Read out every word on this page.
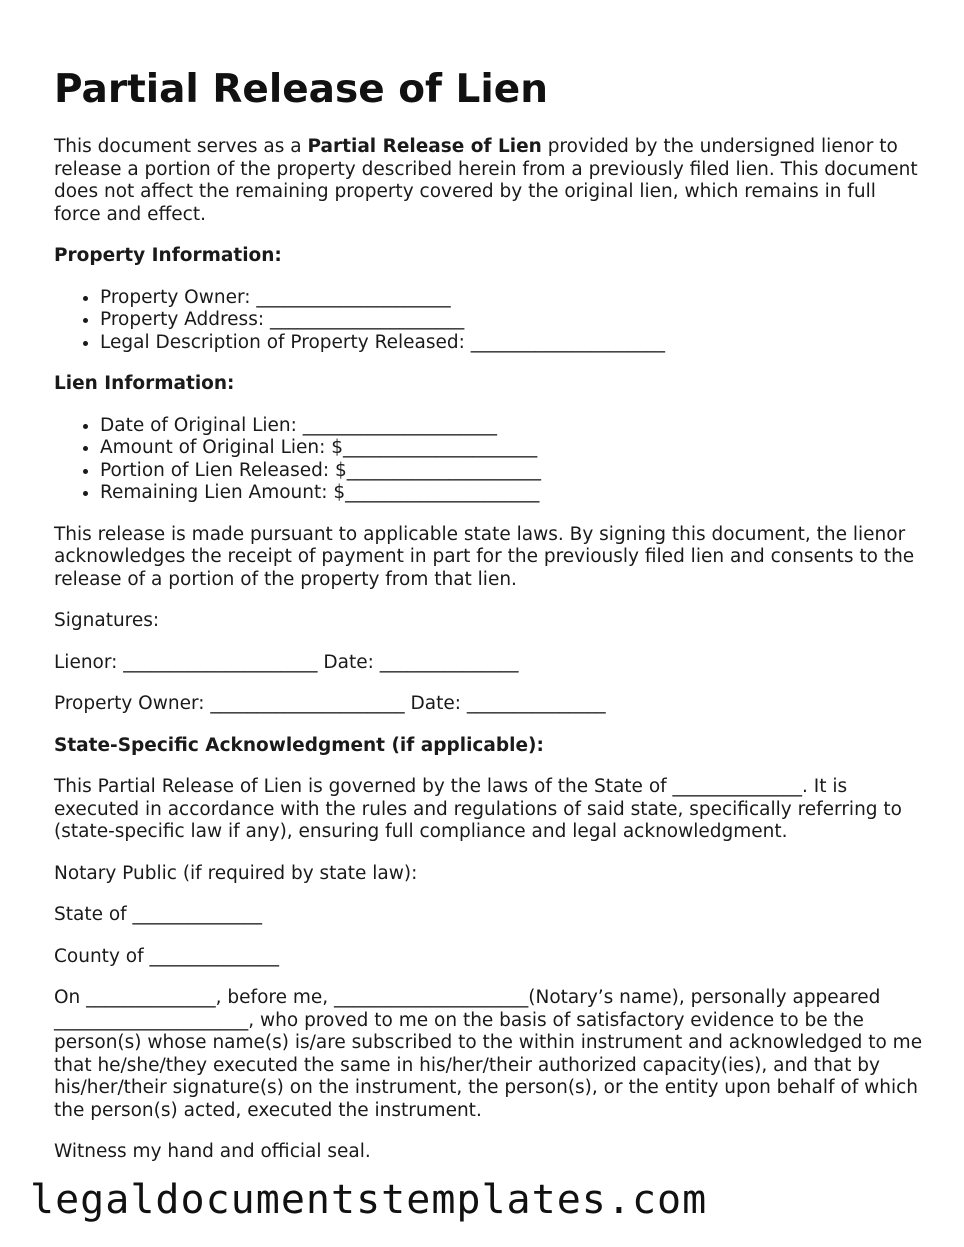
Partial Release of Lien

This document serves as a Partial Release of Lien provided by the undersigned lienor to release a portion of the property described herein from a previously filed lien. This document does not affect the remaining property covered by the original lien, which remains in full force and effect.

Property Information:

• Property Owner: _____________________
• Property Address: _____________________
• Legal Description of Property Released: _____________________

Lien Information:

• Date of Original Lien: _____________________
• Amount of Original Lien: $_____________________
• Portion of Lien Released: $_____________________
• Remaining Lien Amount: $_____________________

This release is made pursuant to applicable state laws. By signing this document, the lienor acknowledges the receipt of payment in part for the previously filed lien and consents to the release of a portion of the property from that lien.

Signatures:

Lienor: _____________________ Date: _______________

Property Owner: _____________________ Date: _______________

State-Specific Acknowledgment (if applicable):

This Partial Release of Lien is governed by the laws of the State of ______________. It is executed in accordance with the rules and regulations of said state, specifically referring to (state-specific law if any), ensuring full compliance and legal acknowledgment.

Notary Public (if required by state law):

State of ______________

County of ______________

On ______________, before me, _____________________(Notary’s name), personally appeared _____________________, who proved to me on the basis of satisfactory evidence to be the person(s) whose name(s) is/are subscribed to the within instrument and acknowledged to me that he/she/they executed the same in his/her/their authorized capacity(ies), and that by his/her/their signature(s) on the instrument, the person(s), or the entity upon behalf of which the person(s) acted, executed the instrument.

Witness my hand and official seal.

legaldocumentstemplates.com
